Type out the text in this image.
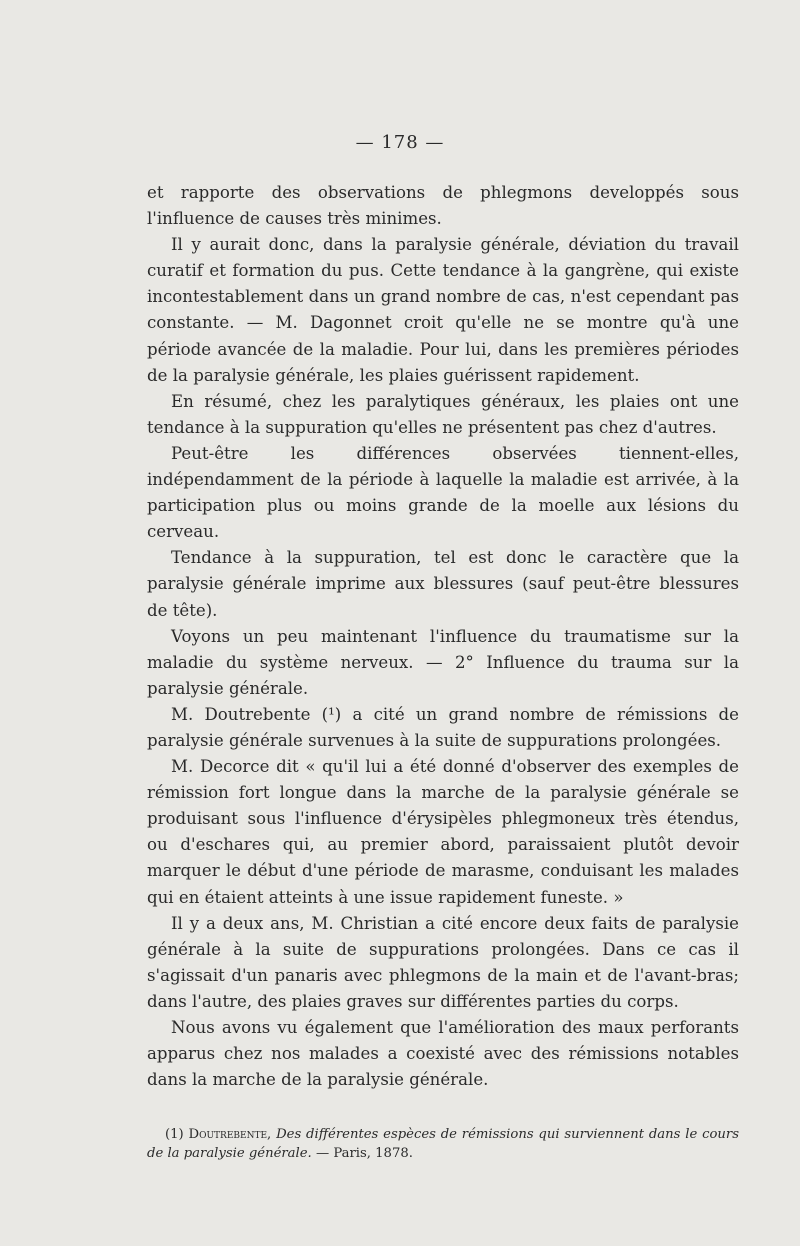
— 178 —

et rapporte des observations de phlegmons developpés sous l'influence de causes très minimes.

Il y aurait donc, dans la paralysie générale, déviation du travail curatif et formation du pus. Cette tendance à la gangrène, qui existe incontestablement dans un grand nombre de cas, n'est cependant pas constante. — M. Dagonnet croit qu'elle ne se montre qu'à une période avancée de la maladie. Pour lui, dans les premières périodes de la paralysie générale, les plaies guérissent rapidement.

En résumé, chez les paralytiques généraux, les plaies ont une tendance à la suppuration qu'elles ne présentent pas chez d'autres.

Peut-être les différences observées tiennent-elles, indépendamment de la période à laquelle la maladie est arrivée, à la participation plus ou moins grande de la moelle aux lésions du cerveau.

Tendance à la suppuration, tel est donc le caractère que la paralysie générale imprime aux blessures (sauf peut-être blessures de tête).

Voyons un peu maintenant l'influence du traumatisme sur la maladie du système nerveux. — 2° Influence du trauma sur la paralysie générale.

M. Doutrebente (¹) a cité un grand nombre de rémissions de paralysie générale survenues à la suite de suppurations prolongées.

M. Decorce dit « qu'il lui a été donné d'observer des exemples de rémission fort longue dans la marche de la paralysie générale se produisant sous l'influence d'érysipèles phlegmoneux très étendus, ou d'eschares qui, au premier abord, paraissaient plutôt devoir marquer le début d'une période de marasme, conduisant les malades qui en étaient atteints à une issue rapidement funeste. »

Il y a deux ans, M. Christian a cité encore deux faits de paralysie générale à la suite de suppurations prolongées. Dans ce cas il s'agissait d'un panaris avec phlegmons de la main et de l'avant-bras; dans l'autre, des plaies graves sur différentes parties du corps.

Nous avons vu également que l'amélioration des maux perforants apparus chez nos malades a coexisté avec des rémissions notables dans la marche de la paralysie générale.

(1) Doutrebente, Des différentes espèces de rémissions qui surviennent dans le cours de la paralysie générale. — Paris, 1878.
